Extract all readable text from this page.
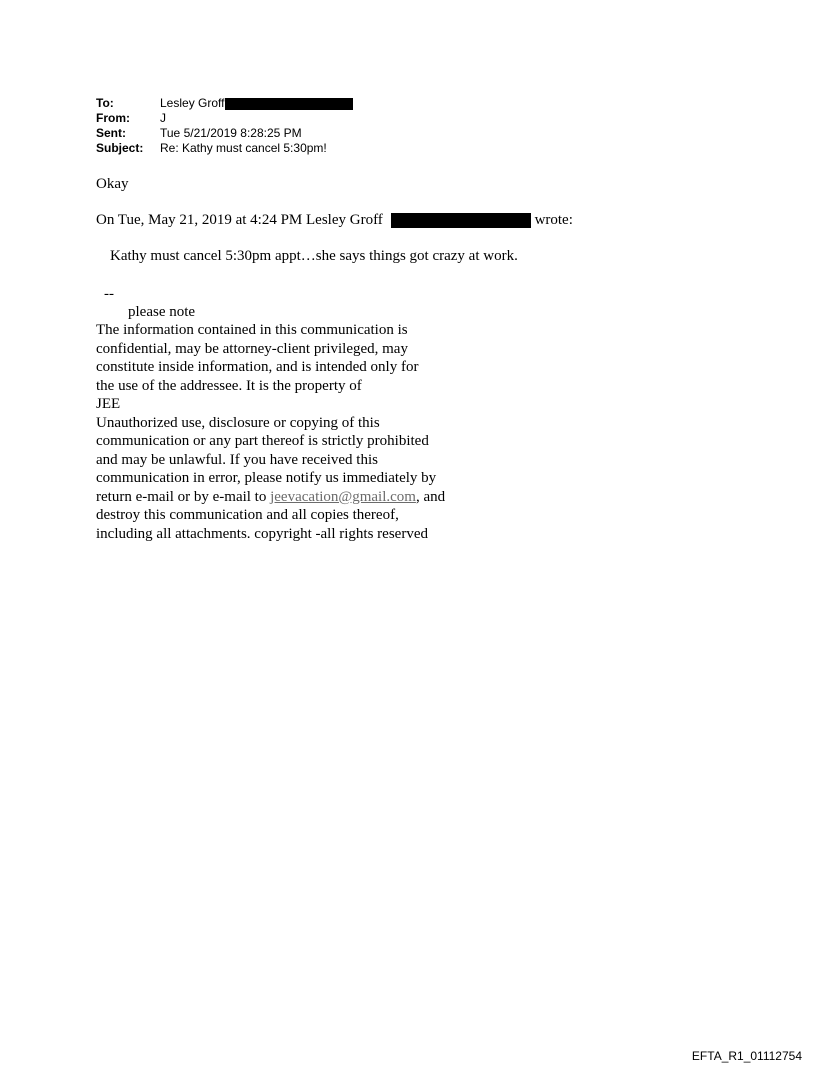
To:	Lesley Groff
From:	J
Sent:	Tue 5/21/2019 8:28:25 PM
Subject:	Re: Kathy must cancel 5:30pm!
Okay
On Tue, May 21, 2019 at 4:24 PM Lesley Groff	wrote:
Kathy must cancel 5:30pm appt…she says things got crazy at work.
--
please note
The information contained in this communication is
confidential, may be attorney-client privileged, may
constitute inside information, and is intended only for
the use of the addressee. It is the property of
JEE
Unauthorized use, disclosure or copying of this
communication or any part thereof is strictly prohibited
and may be unlawful. If you have received this
communication in error, please notify us immediately by
return e-mail or by e-mail to jeevacation@gmail.com, and
destroy this communication and all copies thereof,
including all attachments. copyright -all rights reserved
EFTA_R1_01112754
